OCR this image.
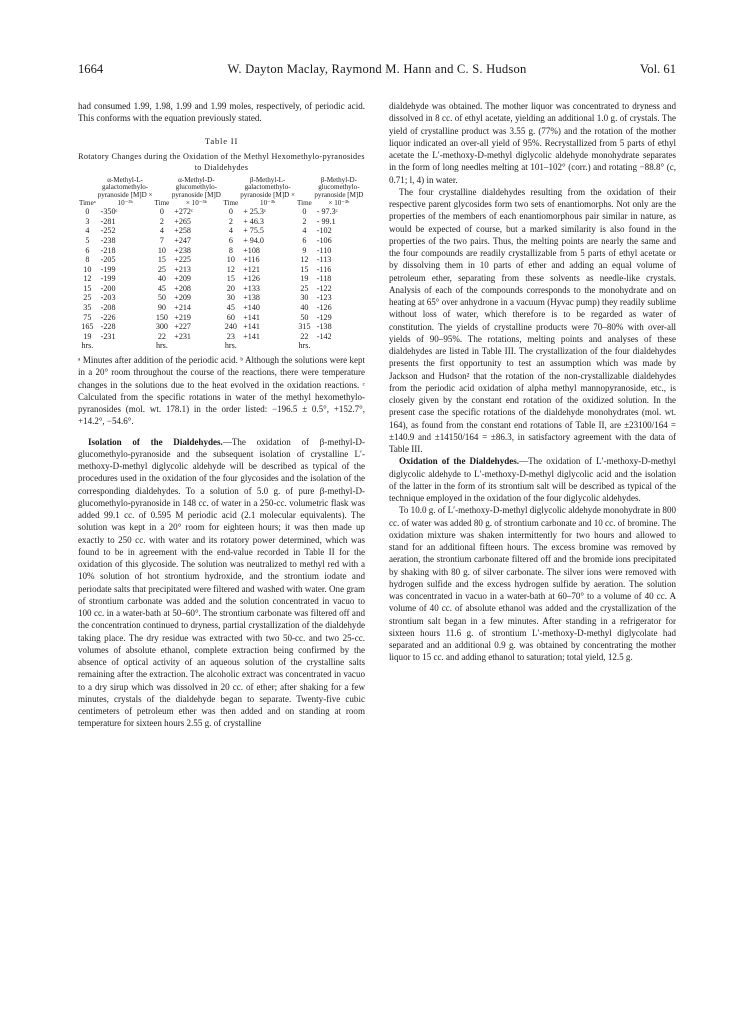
1664	W. Dayton Maclay, Raymond M. Hann and C. S. Hudson	Vol. 61

had consumed 1.99, 1.98, 1.99 and 1.99 moles, respectively, of periodic acid. This conforms with the equation previously stated.

Table II
Rotatory Changes during the Oxidation of the Methyl Hexomethylo-pyranosides to Dialdehydes
Timeᵃ	α-Methyl-L-galactomethylo-pyranoside [M]D × 10⁻³ᵇ	Time	α-Methyl-D-glucomethylo-pyranoside [M]D × 10⁻³ᵇ	Time	β-Methyl-L-galactomethylo-pyranoside [M]D × 10⁻³ᵇ	Time	β-Methyl-D-glucomethylo-pyranoside [M]D × 10⁻³ᵇ
0	-350ᶜ	0	+272ᶜ	0	+ 25.3ᶜ	0	- 97.3ᶜ
3	-281	2	+265	2	+ 46.3	2	- 99.1
4	-252	4	+258	4	+ 75.5	4	-102
5	-238	7	+247	6	+ 94.0	6	-106
6	-218	10	+238	8	+108	9	-110
8	-205	15	+225	10	+116	12	-113
10	-199	25	+213	12	+121	15	-116
12	-199	40	+209	15	+126	19	-118
15	-200	45	+208	20	+133	25	-122
25	-203	50	+209	30	+138	30	-123
35	-208	90	+214	45	+140	40	-126
75	-226	150	+219	60	+141	50	-129
165	-228	300	+227	240	+141	315	-138
19	-231	22	+231	23	+141	22	-142
hrs.		hrs.		hrs.		hrs.	
ᵃ Minutes after addition of the periodic acid. ᵇ Although the solutions were kept in a 20° room throughout the course of the reactions, there were temperature changes in the solutions due to the heat evolved in the oxidation reactions. ᶜ Calculated from the specific rotations in water of the methyl hexomethylo-pyranosides (mol. wt. 178.1) in the order listed: −196.5 ± 0.5°, +152.7°, +14.2°, −54.6°.

Isolation of the Dialdehydes.—The oxidation of β-methyl-D-glucomethylo-pyranoside and the subsequent isolation of crystalline L′-methoxy-D-methyl diglycolic aldehyde will be described as typical of the procedures used in the oxidation of the four glycosides and the isolation of the corresponding dialdehydes. To a solution of 5.0 g. of pure β-methyl-D-glucomethylo-pyranoside in 148 cc. of water in a 250-cc. volumetric flask was added 99.1 cc. of 0.595 M periodic acid (2.1 molecular equivalents). The solution was kept in a 20° room for eighteen hours; it was then made up exactly to 250 cc. with water and its rotatory power determined, which was found to be in agreement with the end-value recorded in Table II for the oxidation of this glycoside. The solution was neutralized to methyl red with a 10% solution of hot strontium hydroxide, and the strontium iodate and periodate salts that precipitated were filtered and washed with water. One gram of strontium carbonate was added and the solution concentrated in vacuo to 100 cc. in a water-bath at 50–60°. The strontium carbonate was filtered off and the concentration continued to dryness, partial crystallization of the dialdehyde taking place. The dry residue was extracted with two 50-cc. and two 25-cc. volumes of absolute ethanol, complete extraction being confirmed by the absence of optical activity of an aqueous solution of the crystalline salts remaining after the extraction. The alcoholic extract was concentrated in vacuo to a dry sirup which was dissolved in 20 cc. of ether; after shaking for a few minutes, crystals of the dialdehyde began to separate. Twenty-five cubic centimeters of petroleum ether was then added and on standing at room temperature for sixteen hours 2.55 g. of crystalline

dialdehyde was obtained. The mother liquor was concentrated to dryness and dissolved in 8 cc. of ethyl acetate, yielding an additional 1.0 g. of crystals. The yield of crystalline product was 3.55 g. (77%) and the rotation of the mother liquor indicated an over-all yield of 95%. Recrystallized from 5 parts of ethyl acetate the L′-methoxy-D-methyl diglycolic aldehyde monohydrate separates in the form of long needles melting at 101–102° (corr.) and rotating −88.8° (c, 0.71; l, 4) in water.

The four crystalline dialdehydes resulting from the oxidation of their respective parent glycosides form two sets of enantiomorphs. Not only are the properties of the members of each enantiomorphous pair similar in nature, as would be expected of course, but a marked similarity is also found in the properties of the two pairs. Thus, the melting points are nearly the same and the four compounds are readily crystallizable from 5 parts of ethyl acetate or by dissolving them in 10 parts of ether and adding an equal volume of petroleum ether, separating from these solvents as needle-like crystals. Analysis of each of the compounds corresponds to the monohydrate and on heating at 65° over anhydrone in a vacuum (Hyvac pump) they readily sublime without loss of water, which therefore is to be regarded as water of constitution. The yields of crystalline products were 70–80% with over-all yields of 90–95%. The rotations, melting points and analyses of these dialdehydes are listed in Table III. The crystallization of the four dialdehydes presents the first opportunity to test an assumption which was made by Jackson and Hudson² that the rotation of the non-crystallizable dialdehydes from the periodic acid oxidation of alpha methyl mannopyranoside, etc., is closely given by the constant end rotation of the oxidized solution. In the present case the specific rotations of the dialdehyde monohydrates (mol. wt. 164), as found from the constant end rotations of Table II, are ±23100/164 = ±140.9 and ±14150/164 = ±86.3, in satisfactory agreement with the data of Table III.

Oxidation of the Dialdehydes.—The oxidation of L′-methoxy-D-methyl diglycolic aldehyde to L′-methoxy-D-methyl diglycolic acid and the isolation of the latter in the form of its strontium salt will be described as typical of the technique employed in the oxidation of the four diglycolic aldehydes.

To 10.0 g. of L′-methoxy-D-methyl diglycolic aldehyde monohydrate in 800 cc. of water was added 80 g. of strontium carbonate and 10 cc. of bromine. The oxidation mixture was shaken intermittently for two hours and allowed to stand for an additional fifteen hours. The excess bromine was removed by aeration, the strontium carbonate filtered off and the bromide ions precipitated by shaking with 80 g. of silver carbonate. The silver ions were removed with hydrogen sulfide and the excess hydrogen sulfide by aeration. The solution was concentrated in vacuo in a water-bath at 60–70° to a volume of 40 cc. A volume of 40 cc. of absolute ethanol was added and the crystallization of the strontium salt began in a few minutes. After standing in a refrigerator for sixteen hours 11.6 g. of strontium L′-methoxy-D-methyl diglycolate had separated and an additional 0.9 g. was obtained by concentrating the mother liquor to 15 cc. and adding ethanol to saturation; total yield, 12.5 g.
